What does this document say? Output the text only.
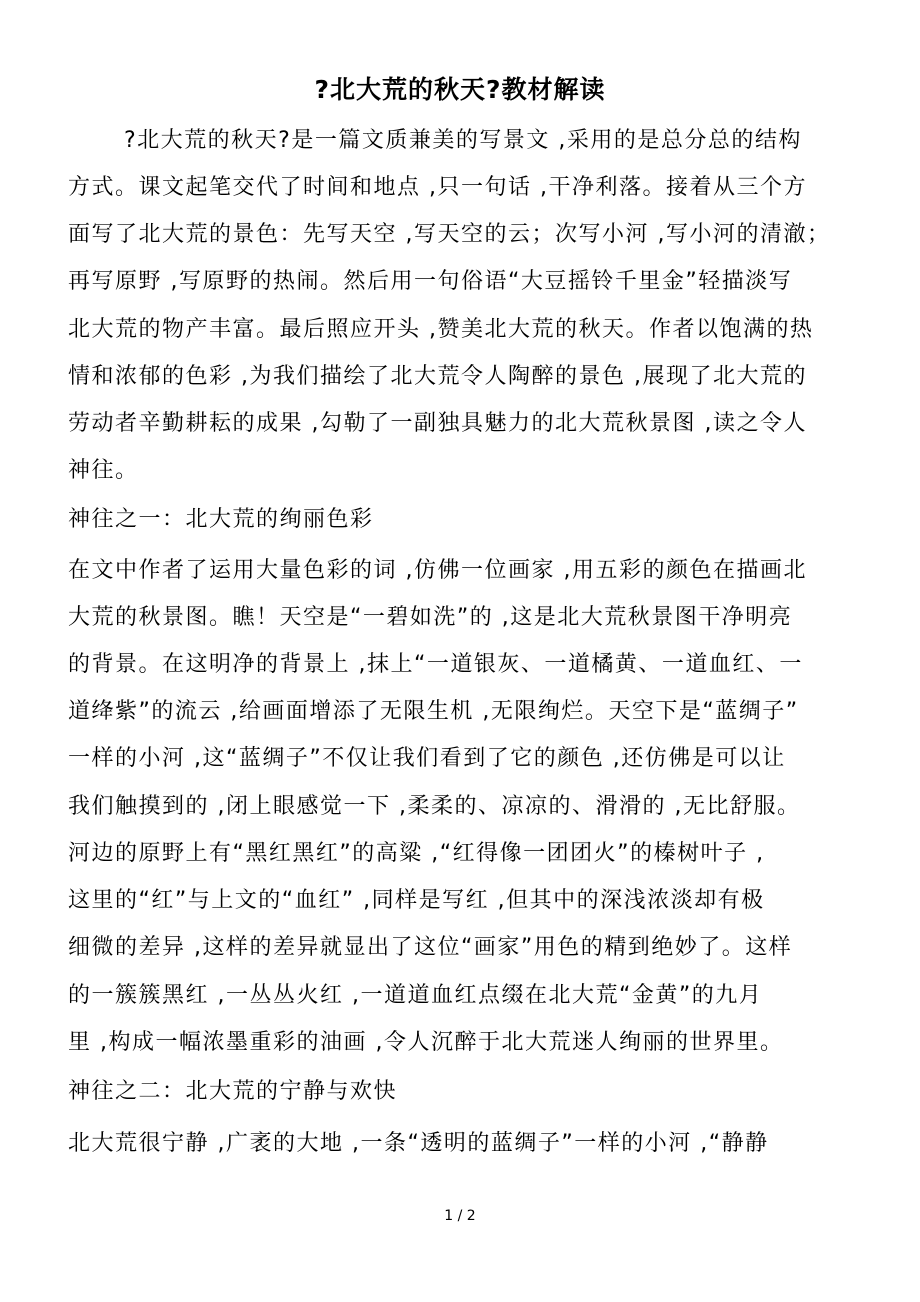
?北大荒的秋天?教材解读
?北大荒的秋天?是一篇文质兼美的写景文 ,采用的是总分总的结构
方式。课文起笔交代了时间和地点 ,只一句话 ,干净利落。接着从三个方
面写了北大荒的景色：先写天空 ,写天空的云；次写小河 ,写小河的清澈；
再写原野 ,写原野的热闹。然后用一句俗语“大豆摇铃千里金”轻描淡写
北大荒的物产丰富。最后照应开头 ,赞美北大荒的秋天。作者以饱满的热
情和浓郁的色彩 ,为我们描绘了北大荒令人陶醉的景色 ,展现了北大荒的
劳动者辛勤耕耘的成果 ,勾勒了一副独具魅力的北大荒秋景图 ,读之令人
神往。
神往之一：北大荒的绚丽色彩
在文中作者了运用大量色彩的词 ,仿佛一位画家 ,用五彩的颜色在描画北
大荒的秋景图。瞧！天空是“一碧如洗”的 ,这是北大荒秋景图干净明亮
的背景。在这明净的背景上 ,抹上“一道银灰、一道橘黄、一道血红、一
道绛紫”的流云 ,给画面增添了无限生机 ,无限绚烂。天空下是“蓝绸子”
一样的小河 ,这“蓝绸子”不仅让我们看到了它的颜色 ,还仿佛是可以让
我们触摸到的 ,闭上眼感觉一下 ,柔柔的、凉凉的、滑滑的 ,无比舒服。
河边的原野上有“黑红黑红”的高粱 ,“红得像一团团火”的榛树叶子 ,
这里的“红”与上文的“血红” ,同样是写红 ,但其中的深浅浓淡却有极
细微的差异 ,这样的差异就显出了这位“画家”用色的精到绝妙了。这样
的一簇簇黑红 ,一丛丛火红 ,一道道血红点缀在北大荒“金黄”的九月
里 ,构成一幅浓墨重彩的油画 ,令人沉醉于北大荒迷人绚丽的世界里。
神往之二：北大荒的宁静与欢快
北大荒很宁静 ,广袤的大地 ,一条“透明的蓝绸子”一样的小河 ,“静静
1 / 2
